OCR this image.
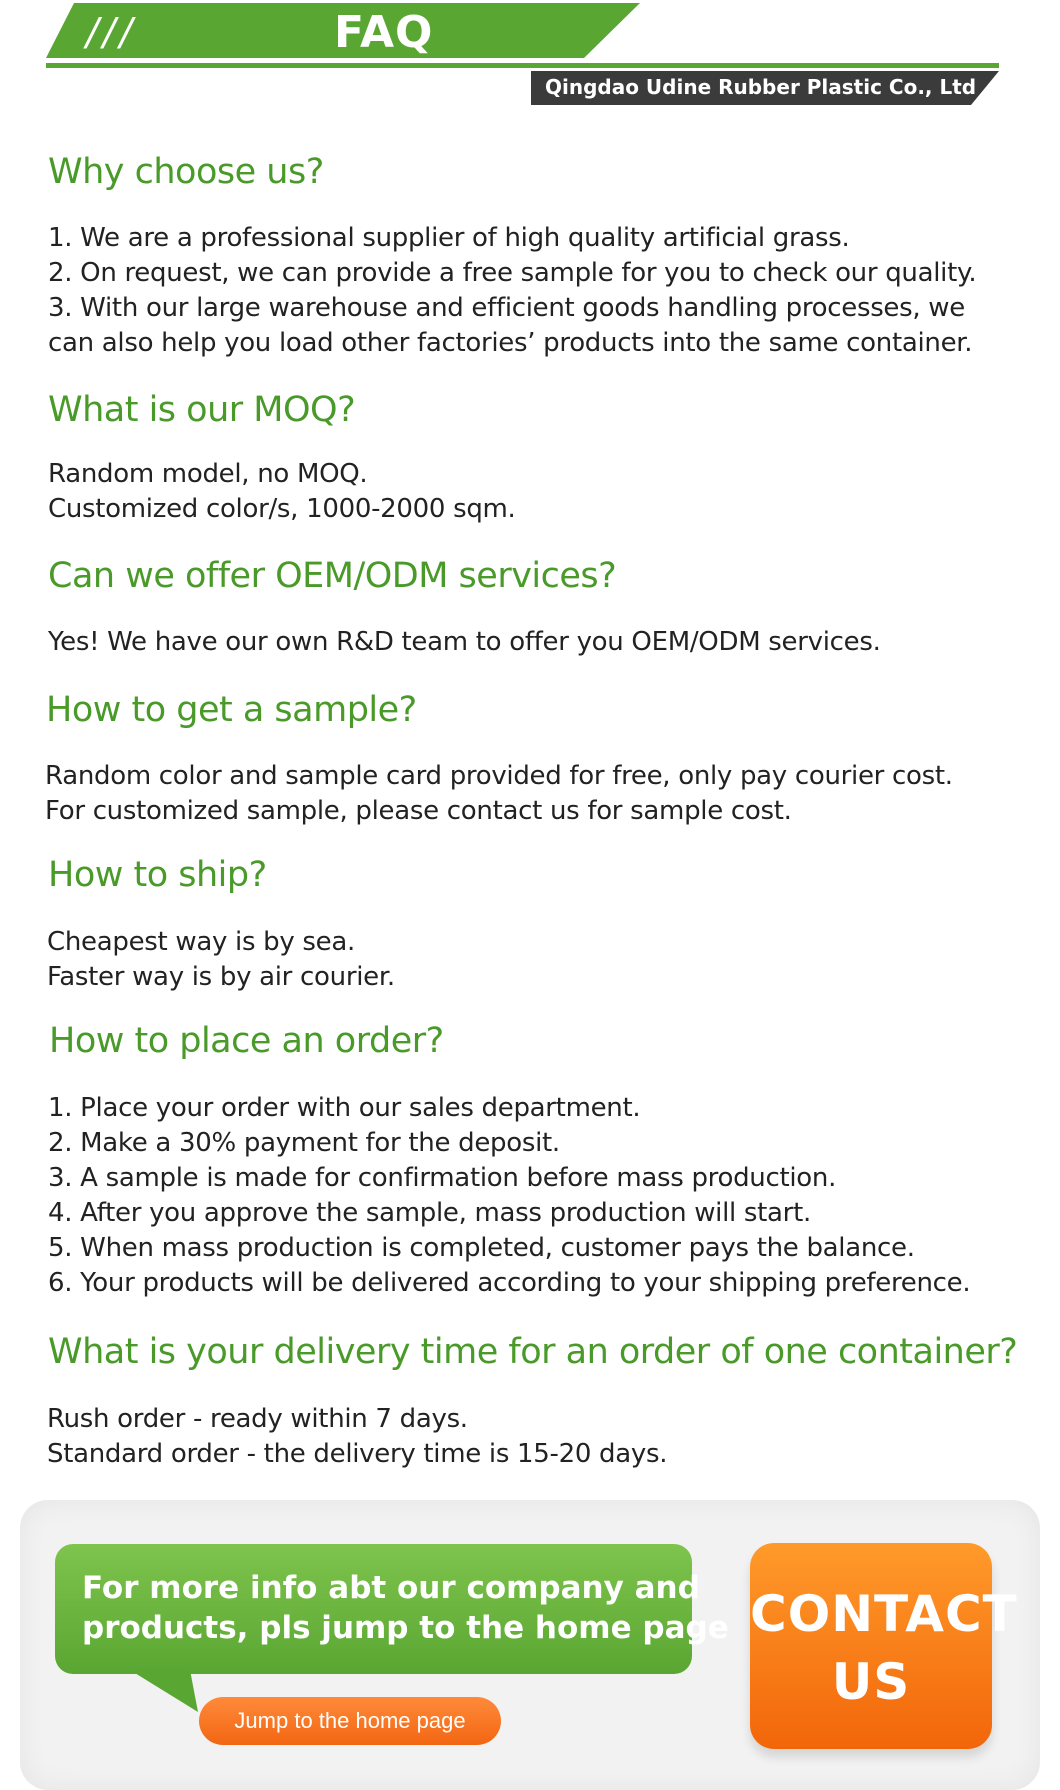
///	FAQ
Qingdao Udine Rubber Plastic Co., Ltd
Why choose us?
1. We are a professional supplier of high quality artificial grass.
2. On request, we can provide a free sample for you to check our quality.
3. With our large warehouse and efficient goods handling processes, we
can also help you load other factories’ products into the same container.
What is our MOQ?
Random model, no MOQ.
Customized color/s, 1000-2000 sqm.
Can we offer OEM/ODM services?
Yes! We have our own R&D team to offer you OEM/ODM services.
How to get a sample?
Random color and sample card provided for free, only pay courier cost.
For customized sample, please contact us for sample cost.
How to ship?
Cheapest way is by sea.
Faster way is by air courier.
How to place an order?
1. Place your order with our sales department.
2. Make a 30% payment for the deposit.
3. A sample is made for confirmation before mass production.
4. After you approve the sample, mass production will start.
5. When mass production is completed, customer pays the balance.
6. Your products will be delivered according to your shipping preference.
What is your delivery time for an order of one container?
Rush order - ready within 7 days.
Standard order - the delivery time is 15-20 days.
For more info abt our company and
products, pls jump to the home page
Jump to the home page
CONTACT
US
